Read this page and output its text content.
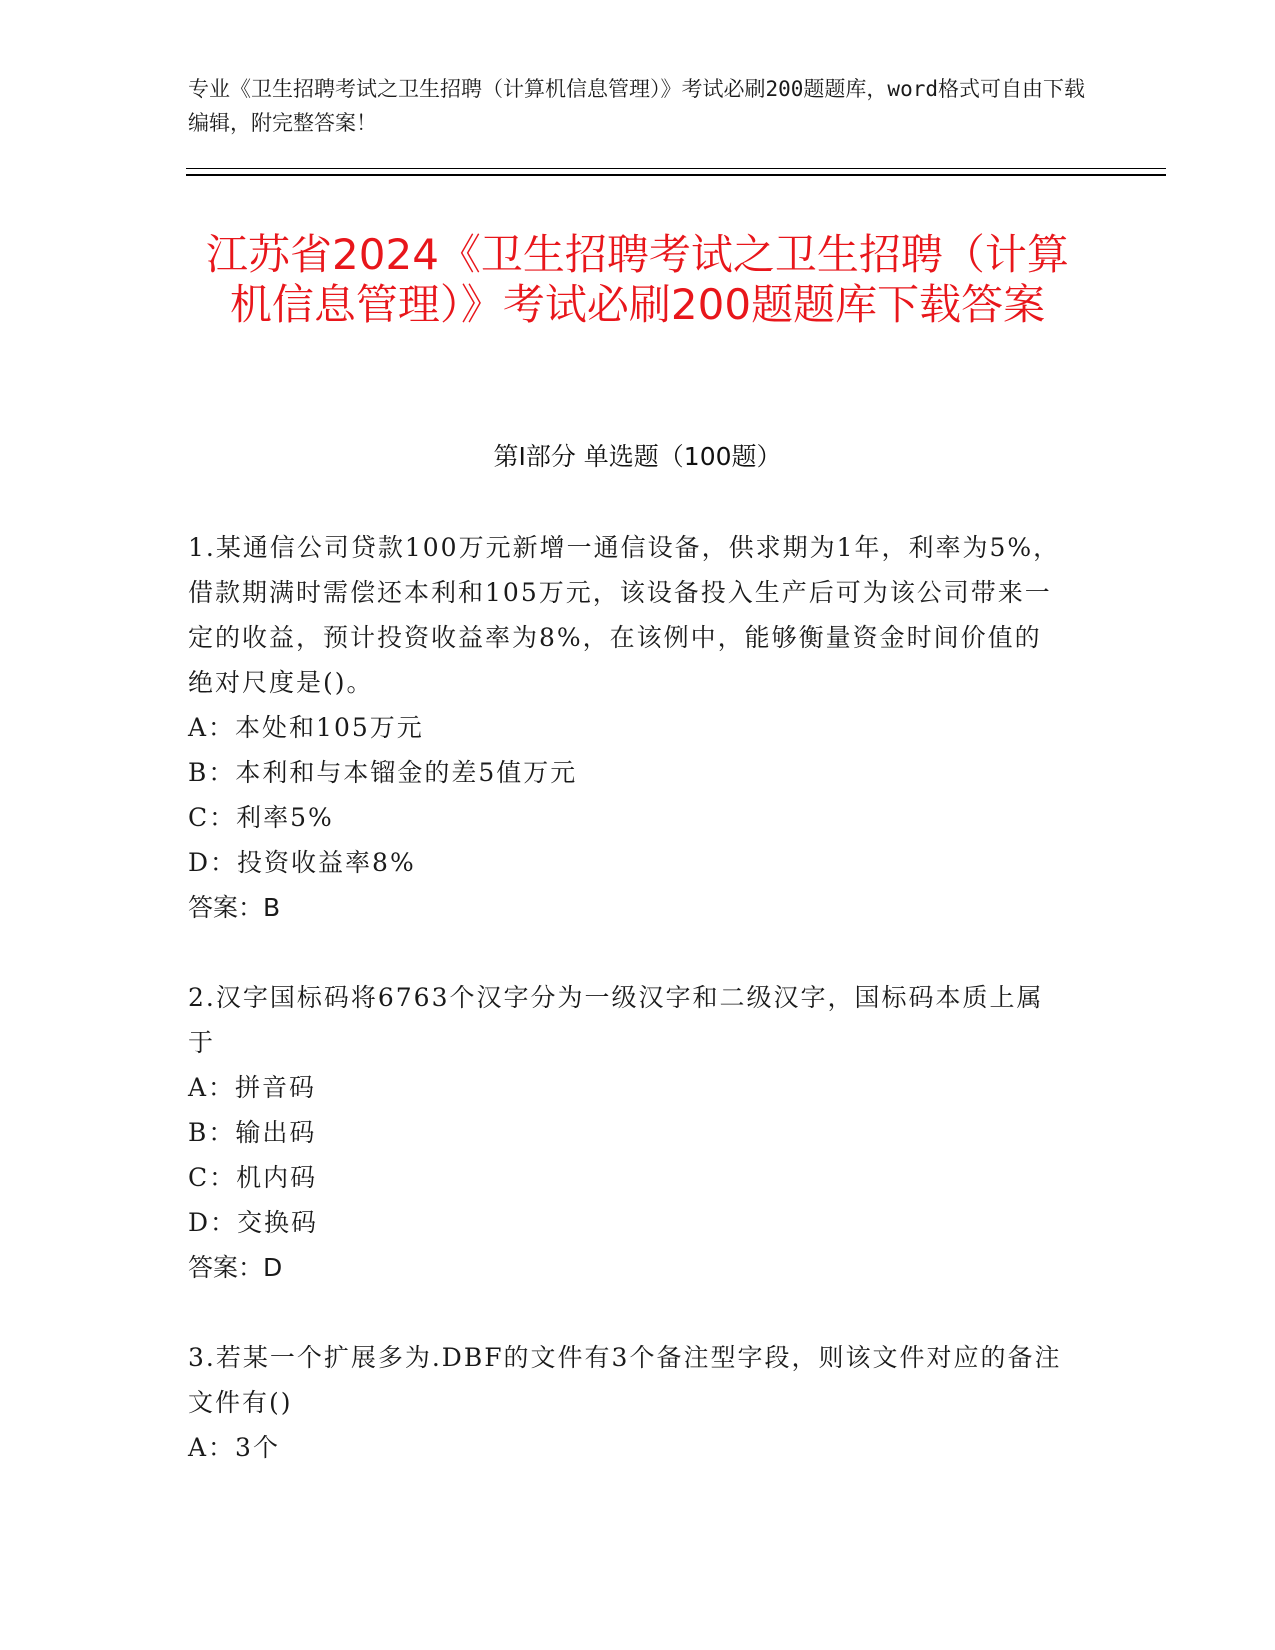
专业《卫生招聘考试之卫生招聘（计算机信息管理）》考试必刷200题题库，word格式可自由下载编辑，附完整答案！
江苏省2024《卫生招聘考试之卫生招聘（计算机信息管理）》考试必刷200题题库下载答案
第Ⅰ部分 单选题（100题）

1.某通信公司贷款100万元新增一通信设备，供求期为1年，利率为5%，借款期满时需偿还本利和105万元，该设备投入生产后可为该公司带来一定的收益，预计投资收益率为8%，在该例中，能够衡量资金时间价值的绝对尺度是()。

A：本处和105万元

B：本利和与本镏金的差5值万元

C：利率5%

D：投资收益率8%

答案：B

2.汉字国标码将6763个汉字分为一级汉字和二级汉字，国标码本质上属于

A：拼音码

B：输出码

C：机内码

D：交换码

答案：D

3.若某一个扩展多为.DBF的文件有3个备注型字段，则该文件对应的备注文件有()

A：3个
